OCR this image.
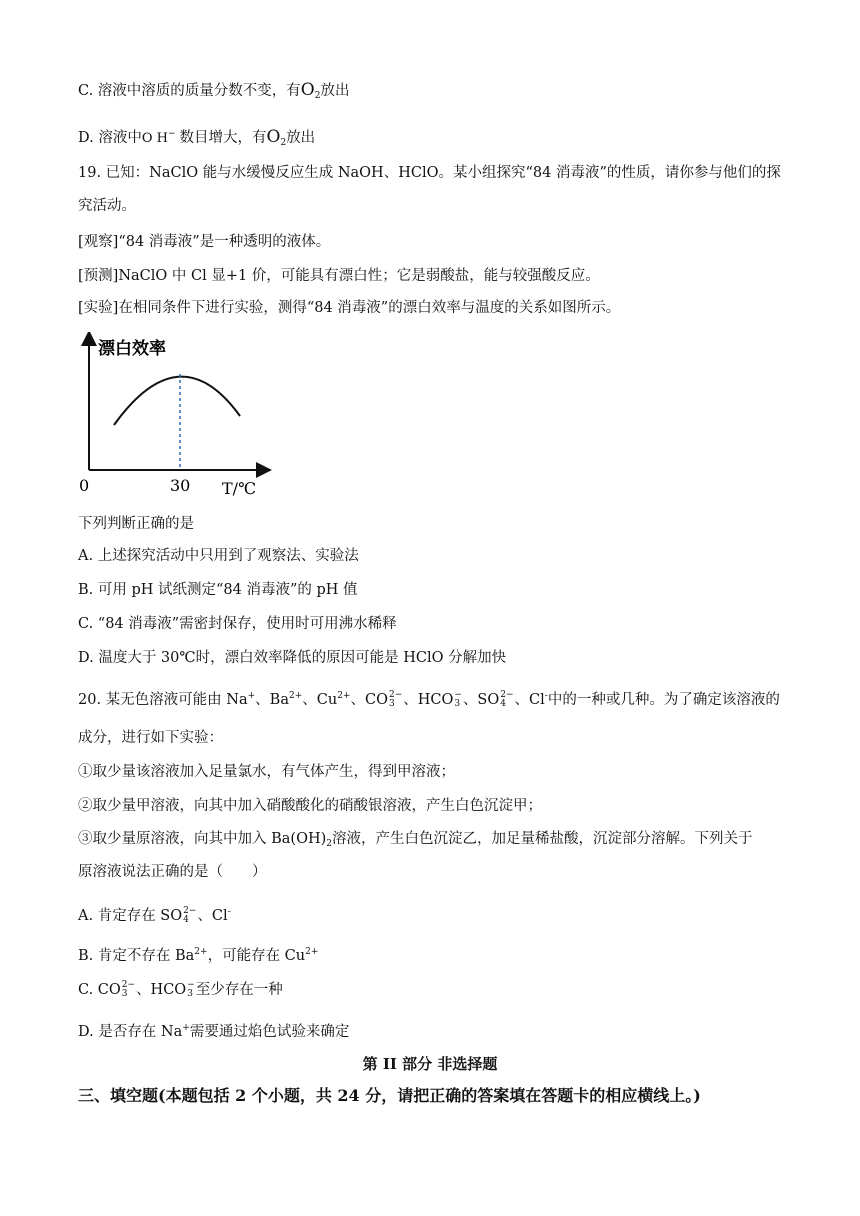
C. 溶液中溶质的质量分数不变，有$O_2$放出
D. 溶液中O H− 数目增大，有$O_2$放出
19. 已知：NaClO 能与水缓慢反应生成 NaOH、HClO。某小组探究“84 消毒液”的性质，请你参与他们的探
究活动。
[观察]“84 消毒液”是一种透明的液体。
[预测]NaClO 中 Cl 显+1 价，可能具有漂白性；它是弱酸盐，能与较强酸反应。
[实验]在相同条件下进行实验，测得“84 消毒液”的漂白效率与温度的关系如图所示。
漂白效率
0	30 T/℃
下列判断正确的是
A. 上述探究活动中只用到了观察法、实验法
B. 可用 pH 试纸测定“84 消毒液”的 pH 值
C. “84 消毒液”需密封保存，使用时可用沸水稀释
D. 温度大于 30℃时，漂白效率降低的原因可能是 HClO 分解加快
20. 某无色溶液可能由 Na+、$Ba^{2+}$、$Cu^{2+}$、CO 2−
3 、HCO −
3 、SO 2−
4 、Cl-中的一种或几种。为了确定该溶液的
成分，进行如下实验：
①取少量该溶液加入足量氯水，有气体产生，得到甲溶液；
②取少量甲溶液，向其中加入硝酸酸化的硝酸银溶液，产生白色沉淀甲；
③取少量原溶液，向其中加入 $Ba(OH)_2$溶液，产生白色沉淀乙，加足量稀盐酸，沉淀部分溶解。下列关于
原溶液说法正确的是（　　）
A. 肯定存在 SO 2−
4 、Cl-
B. 肯定不存在 $Ba^{2+}$，可能存在 $Cu^{2+}$
C. CO 2−
3 、HCO −
3 至少存在一种
D. 是否存在 Na+需要通过焰色试验来确定
第 II 部分 非选择题
三、填空题(本题包括 2 个小题，共 24 分，请把正确的答案填在答题卡的相应横线上。)
